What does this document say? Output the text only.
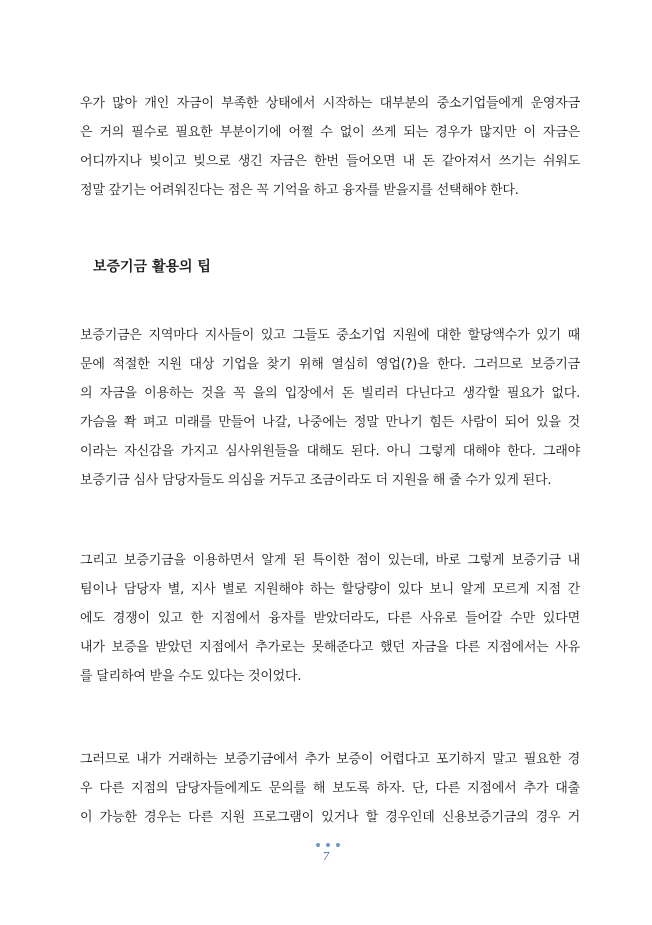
우가 많아 개인 자금이 부족한 상태에서 시작하는 대부분의 중소기업들에게 운영자금
은 거의 필수로 필요한 부분이기에 어쩔 수 없이 쓰게 되는 경우가 많지만 이 자금은
어디까지나 빚이고 빚으로 생긴 자금은 한번 들어오면 내 돈 같아져서 쓰기는 쉬워도
정말 갚기는 어려워진다는 점은 꼭 기억을 하고 융자를 받을지를 선택해야 한다.
보증기금 활용의 팁
보증기금은 지역마다 지사들이 있고 그들도 중소기업 지원에 대한 할당액수가 있기 때
문에 적절한 지원 대상 기업을 찾기 위해 열심히 영업(?)을 한다. 그러므로 보증기금
의 자금을 이용하는 것을 꼭 을의 입장에서 돈 빌리러 다닌다고 생각할 필요가 없다.
가슴을 쫙 펴고 미래를 만들어 나갈, 나중에는 정말 만나기 힘든 사람이 되어 있을 것
이라는 자신감을 가지고 심사위원들을 대해도 된다. 아니 그렇게 대해야 한다. 그래야
보증기금 심사 담당자들도 의심을 거두고 조금이라도 더 지원을 해 줄 수가 있게 된다.
그리고 보증기금을 이용하면서 알게 된 특이한 점이 있는데, 바로 그렇게 보증기금 내
팀이나 담당자 별, 지사 별로 지원해야 하는 할당량이 있다 보니 알게 모르게 지점 간
에도 경쟁이 있고 한 지점에서 융자를 받았더라도, 다른 사유로 들어갈 수만 있다면
내가 보증을 받았던 지점에서 추가로는 못해준다고 했던 자금을 다른 지점에서는 사유
를 달리하여 받을 수도 있다는 것이었다.
그러므로 내가 거래하는 보증기금에서 추가 보증이 어렵다고 포기하지 말고 필요한 경
우 다른 지점의 담당자들에게도 문의를 해 보도록 하자. 단, 다른 지점에서 추가 대출
이 가능한 경우는 다른 지원 프로그램이 있거나 할 경우인데 신용보증기금의 경우 거
7
